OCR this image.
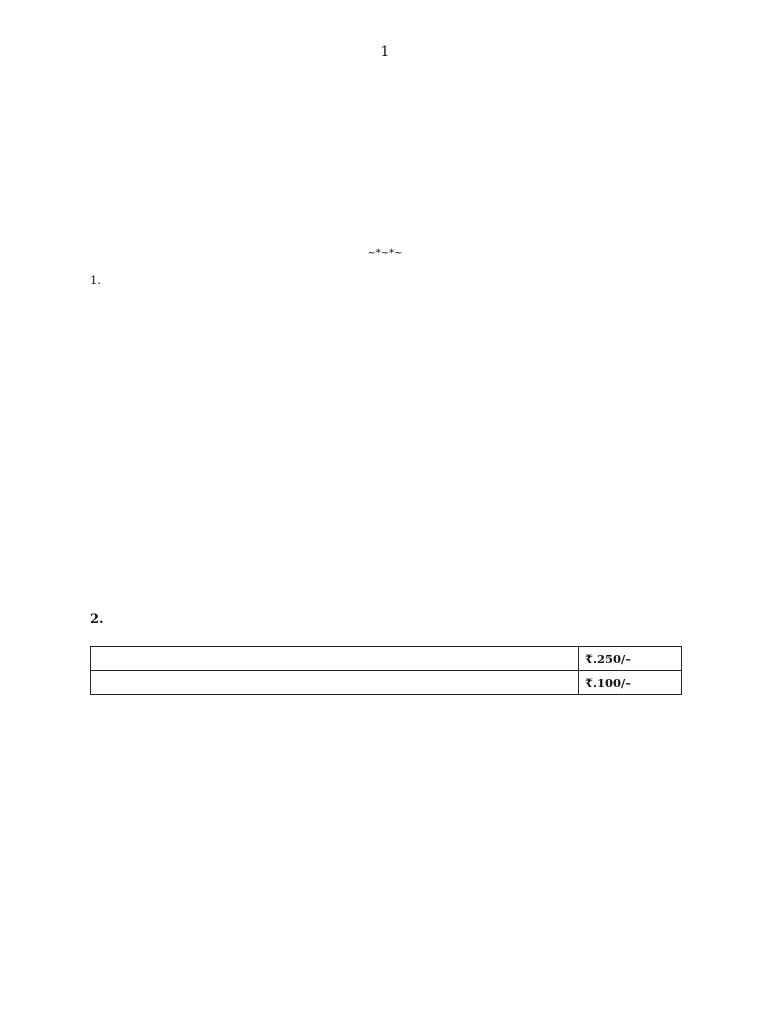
1
~*~*~
1.
2.
	₹.250/–
	₹.100/–
